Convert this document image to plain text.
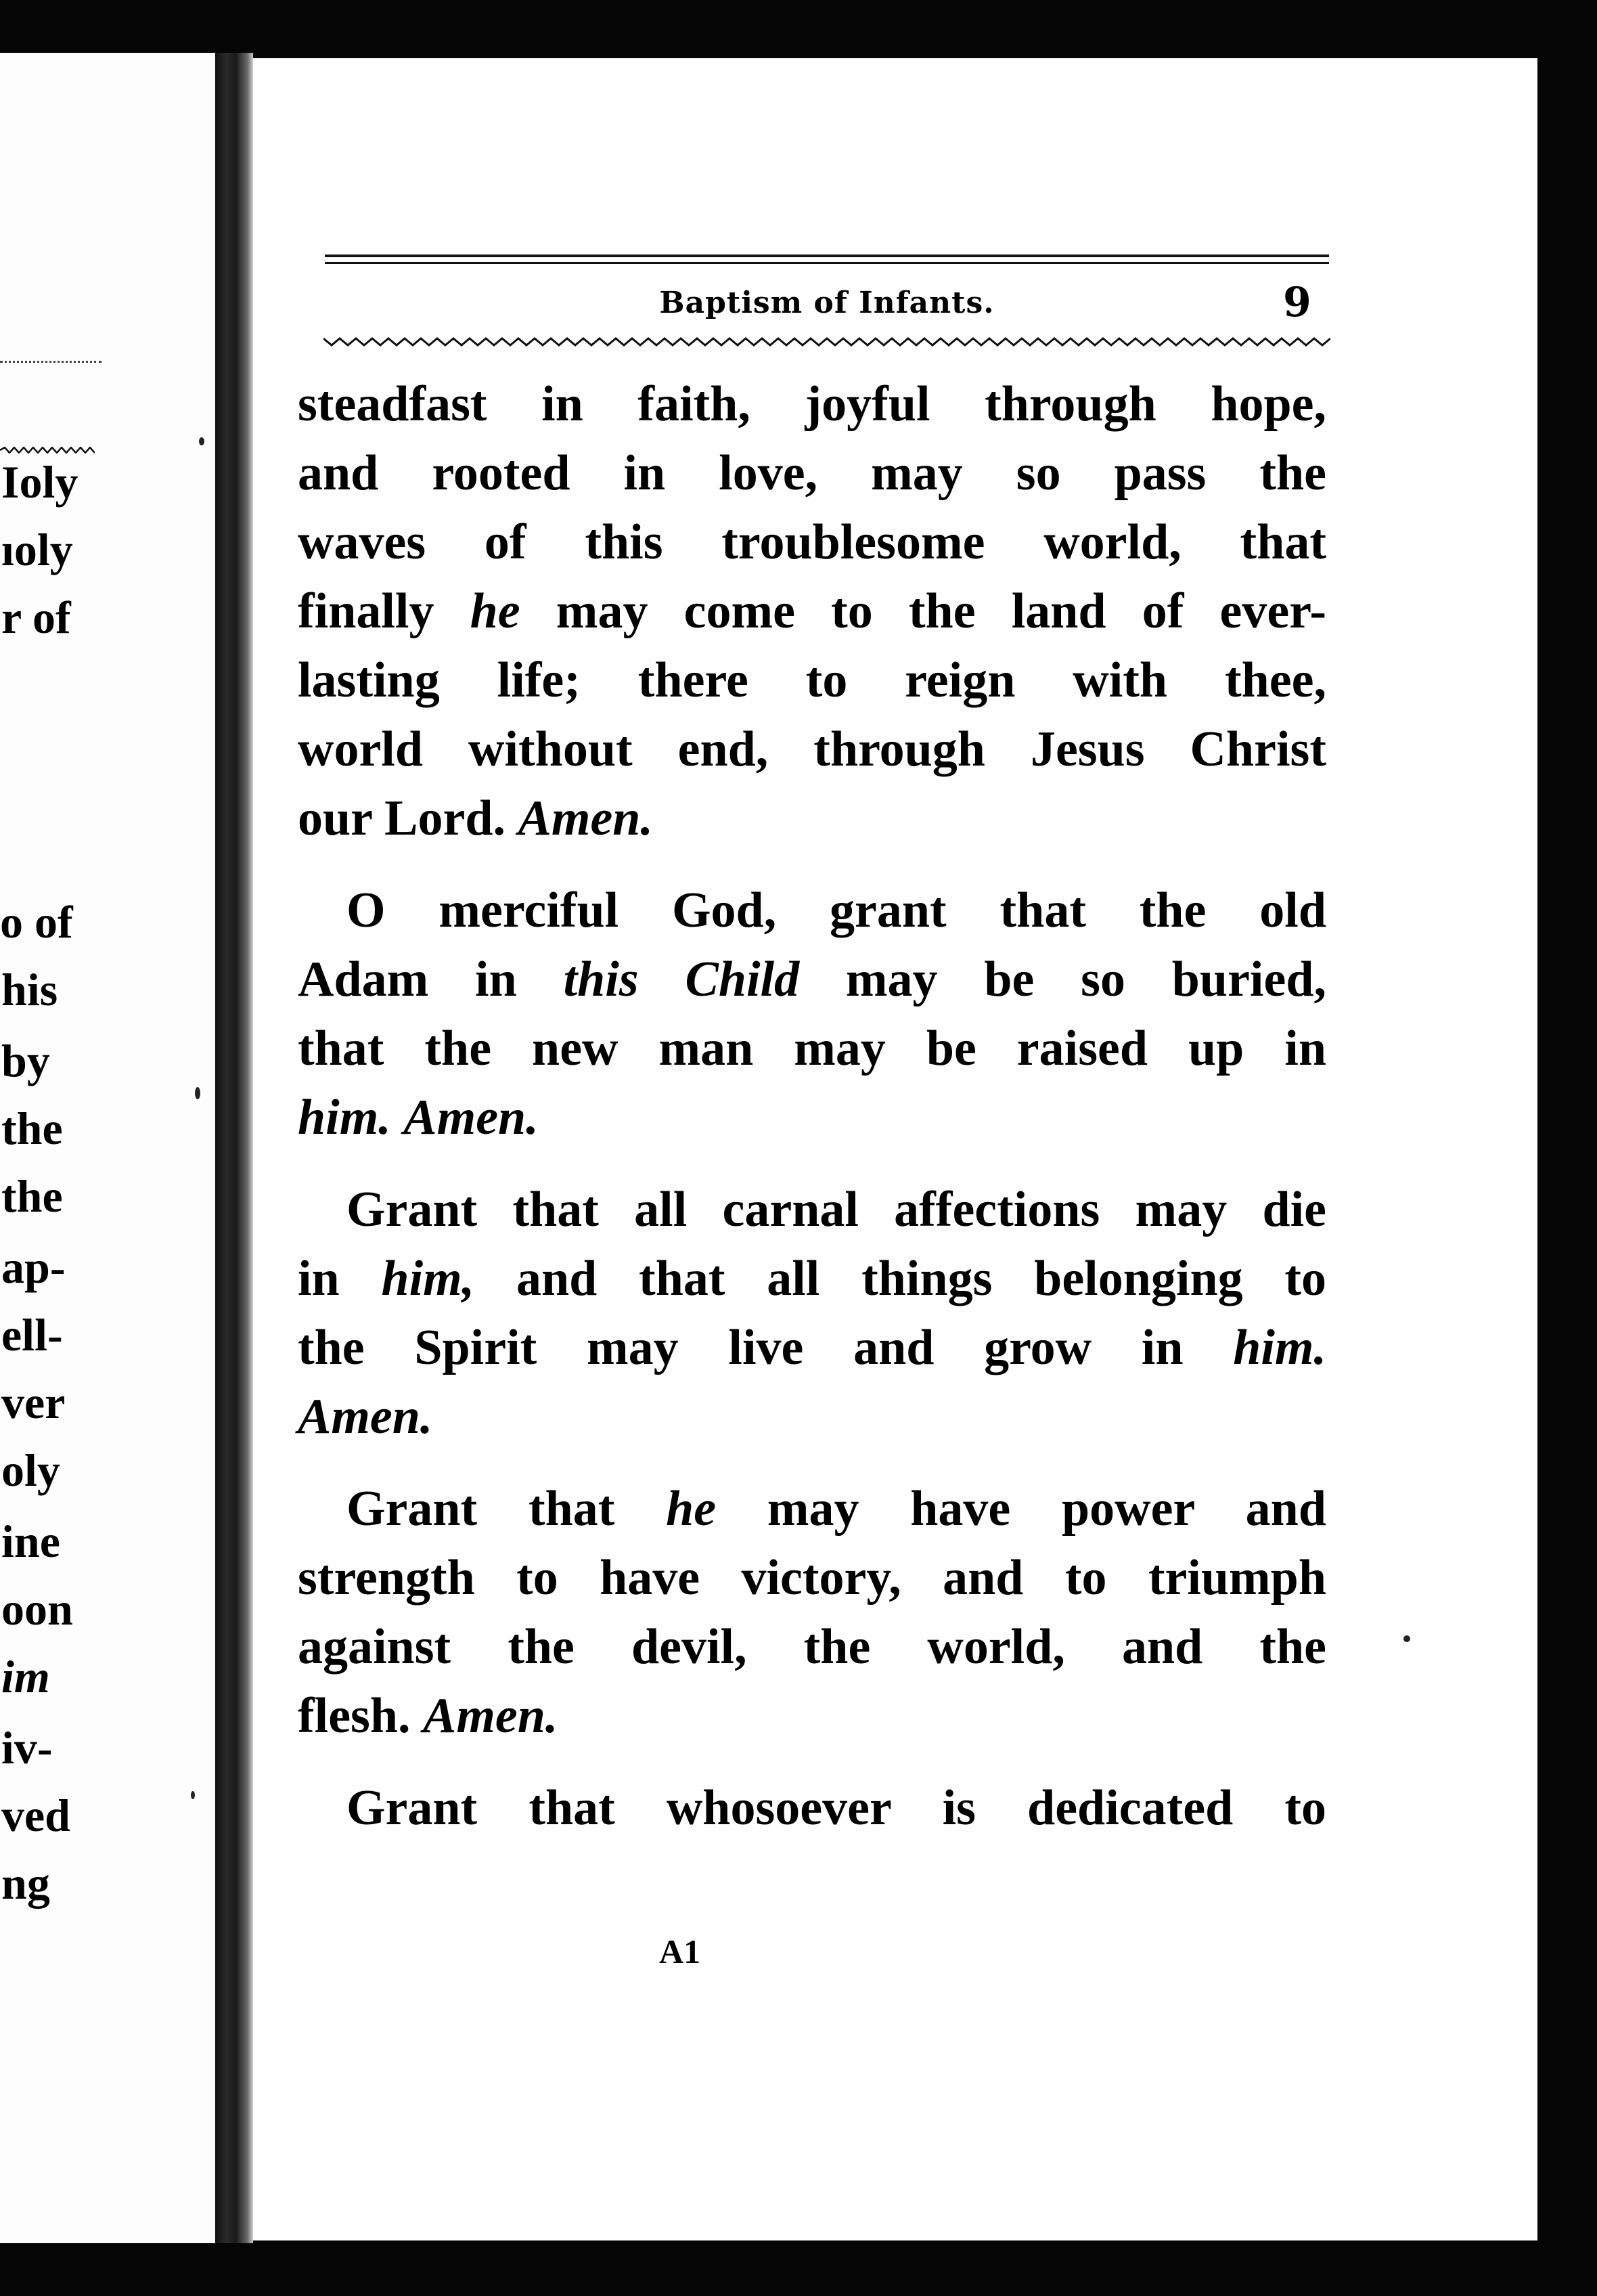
Ioly

ıoly

r of

o of

his

by

the

the

ap-

ell-

ver

oly

ine

oon

im

iv-

ved

ng

Baptism of Infants.	9

steadfast in faith, joyful through hope,
and rooted in love, may so pass the
waves of this troublesome world, that
finally he may come to the land of ever-
lasting life; there to reign with thee,
world without end, through Jesus Christ
our Lord. Amen.
O merciful God, grant that the old
Adam in this Child may be so buried,
that the new man may be raised up in
him. Amen.
Grant that all carnal affections may die
in him, and that all things belonging to
the Spirit may live and grow in him.
Amen.
Grant that he may have power and
strength to have victory, and to triumph
against the devil, the world, and the
flesh. Amen.
Grant that whosoever is dedicated to

A1
